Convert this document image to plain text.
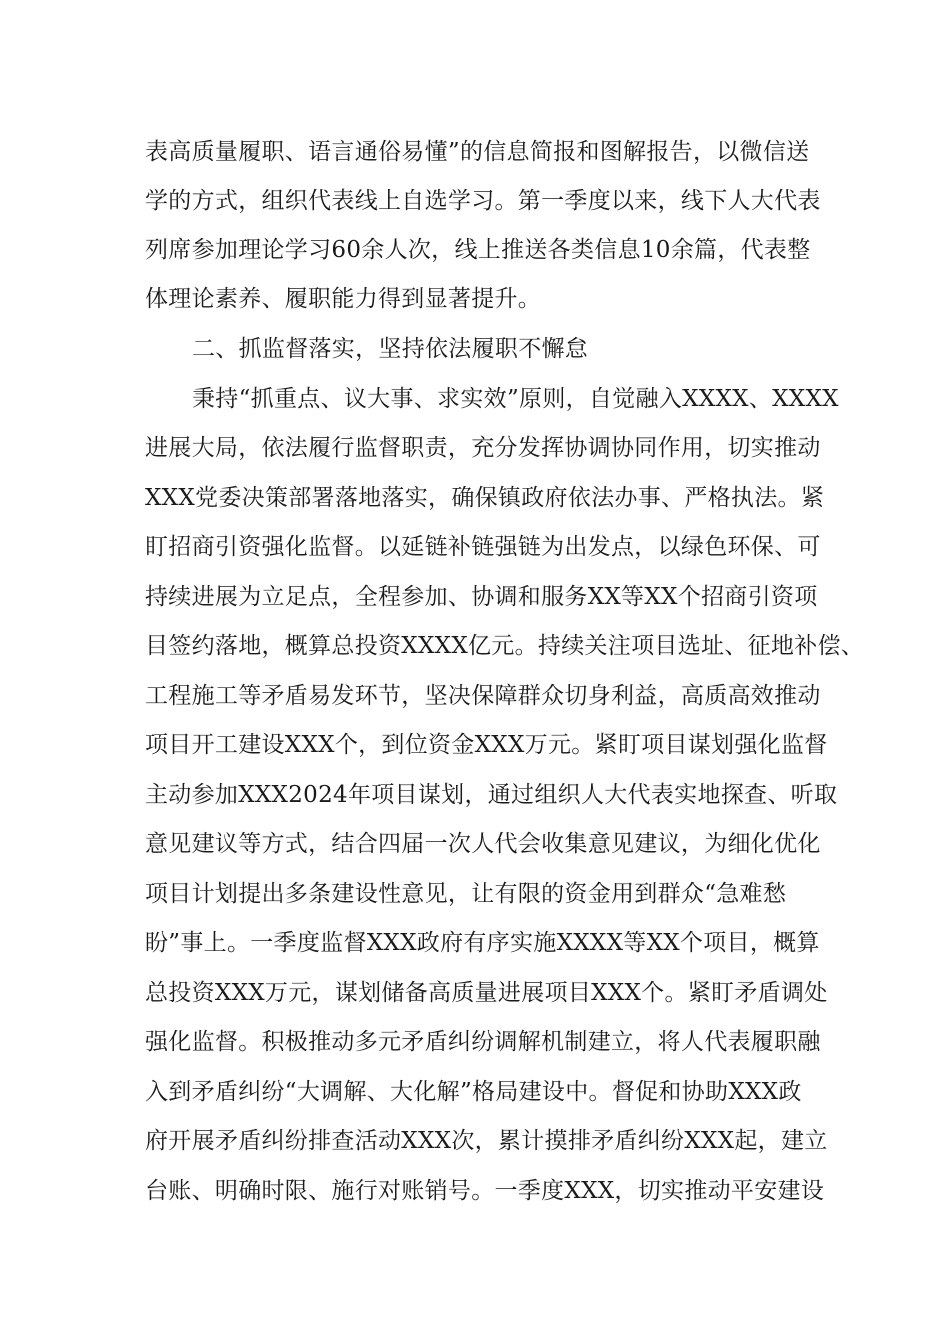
表高质量履职、语言通俗易懂”的信息简报和图解报告，以微信送
学的方式，组织代表线上自选学习。第一季度以来，线下人大代表
列席参加理论学习60余人次，线上推送各类信息10余篇，代表整
体理论素养、履职能力得到显著提升。
二、抓监督落实，坚持依法履职不懈怠
秉持“抓重点、议大事、求实效”原则，自觉融入XXXX、XXXX
进展大局，依法履行监督职责，充分发挥协调协同作用，切实推动
XXX党委决策部署落地落实，确保镇政府依法办事、严格执法。紧
盯招商引资强化监督。以延链补链强链为出发点，以绿色环保、可
持续进展为立足点，全程参加、协调和服务XX等XX个招商引资项
目签约落地，概算总投资XXXX亿元。持续关注项目选址、征地补偿、
工程施工等矛盾易发环节，坚决保障群众切身利益，高质高效推动
项目开工建设XXX个，到位资金XXX万元。紧盯项目谋划强化监督
主动参加XXX2024年项目谋划，通过组织人大代表实地探查、听取
意见建议等方式，结合四届一次人代会收集意见建议，为细化优化
项目计划提出多条建设性意见，让有限的资金用到群众“急难愁
盼”事上。一季度监督XXX政府有序实施XXXX等XX个项目，概算
总投资XXX万元，谋划储备高质量进展项目XXX个。紧盯矛盾调处
强化监督。积极推动多元矛盾纠纷调解机制建立，将人代表履职融
入到矛盾纠纷“大调解、大化解”格局建设中。督促和协助XXX政
府开展矛盾纠纷排查活动XXX次，累计摸排矛盾纠纷XXX起，建立
台账、明确时限、施行对账销号。一季度XXX，切实推动平安建设
